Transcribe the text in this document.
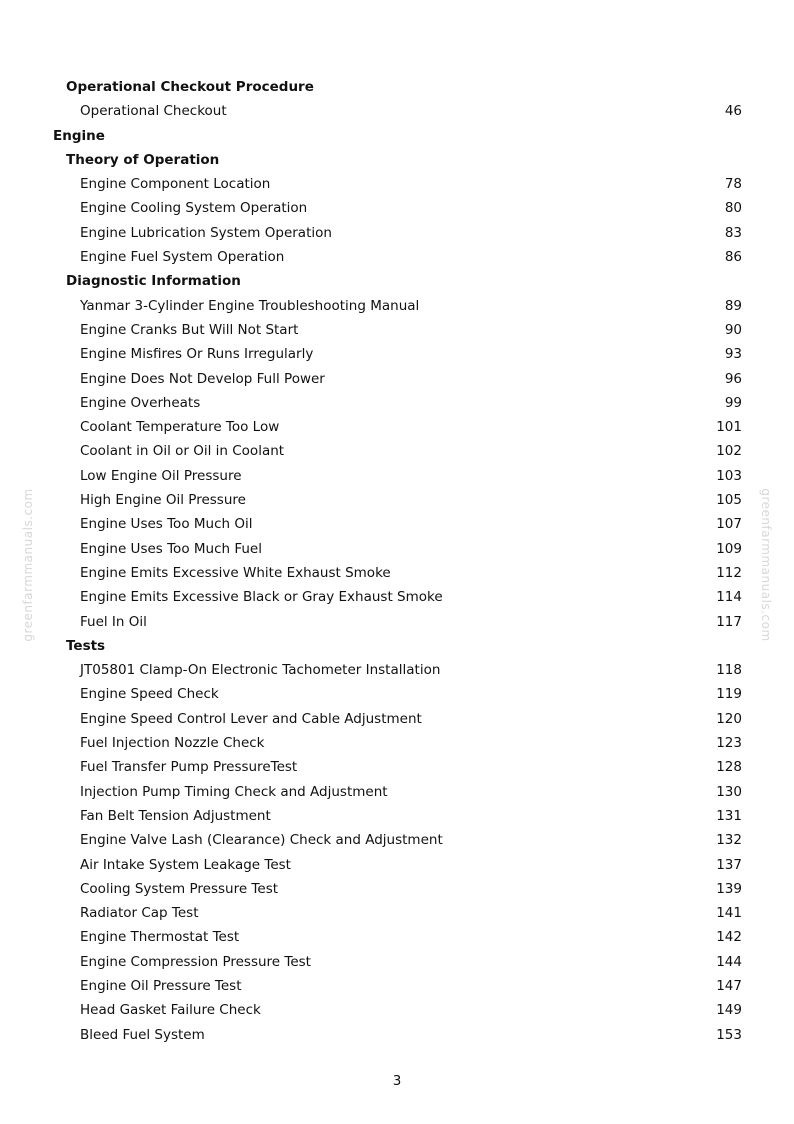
Operational Checkout Procedure
Operational Checkout	46
Engine
Theory of Operation
Engine Component Location	78
Engine Cooling System Operation	80
Engine Lubrication System Operation	83
Engine Fuel System Operation	86
Diagnostic Information
Yanmar 3-Cylinder Engine Troubleshooting Manual	89
Engine Cranks But Will Not Start	90
Engine Misfires Or Runs Irregularly	93
Engine Does Not Develop Full Power	96
Engine Overheats	99
Coolant Temperature Too Low	101
Coolant in Oil or Oil in Coolant	102
Low Engine Oil Pressure	103
High Engine Oil Pressure	105
Engine Uses Too Much Oil	107
Engine Uses Too Much Fuel	109
Engine Emits Excessive White Exhaust Smoke	112
Engine Emits Excessive Black or Gray Exhaust Smoke	114
Fuel In Oil	117
Tests
JT05801 Clamp-On Electronic Tachometer Installation	118
Engine Speed Check	119
Engine Speed Control Lever and Cable Adjustment	120
Fuel Injection Nozzle Check	123
Fuel Transfer Pump PressureTest	128
Injection Pump Timing Check and Adjustment	130
Fan Belt Tension Adjustment	131
Engine Valve Lash (Clearance) Check and Adjustment	132
Air Intake System Leakage Test	137
Cooling System Pressure Test	139
Radiator Cap Test	141
Engine Thermostat Test	142
Engine Compression Pressure Test	144
Engine Oil Pressure Test	147
Head Gasket Failure Check	149
Bleed Fuel System	153
greenfarmmanuals.com	greenfarmmanuals.com
3
